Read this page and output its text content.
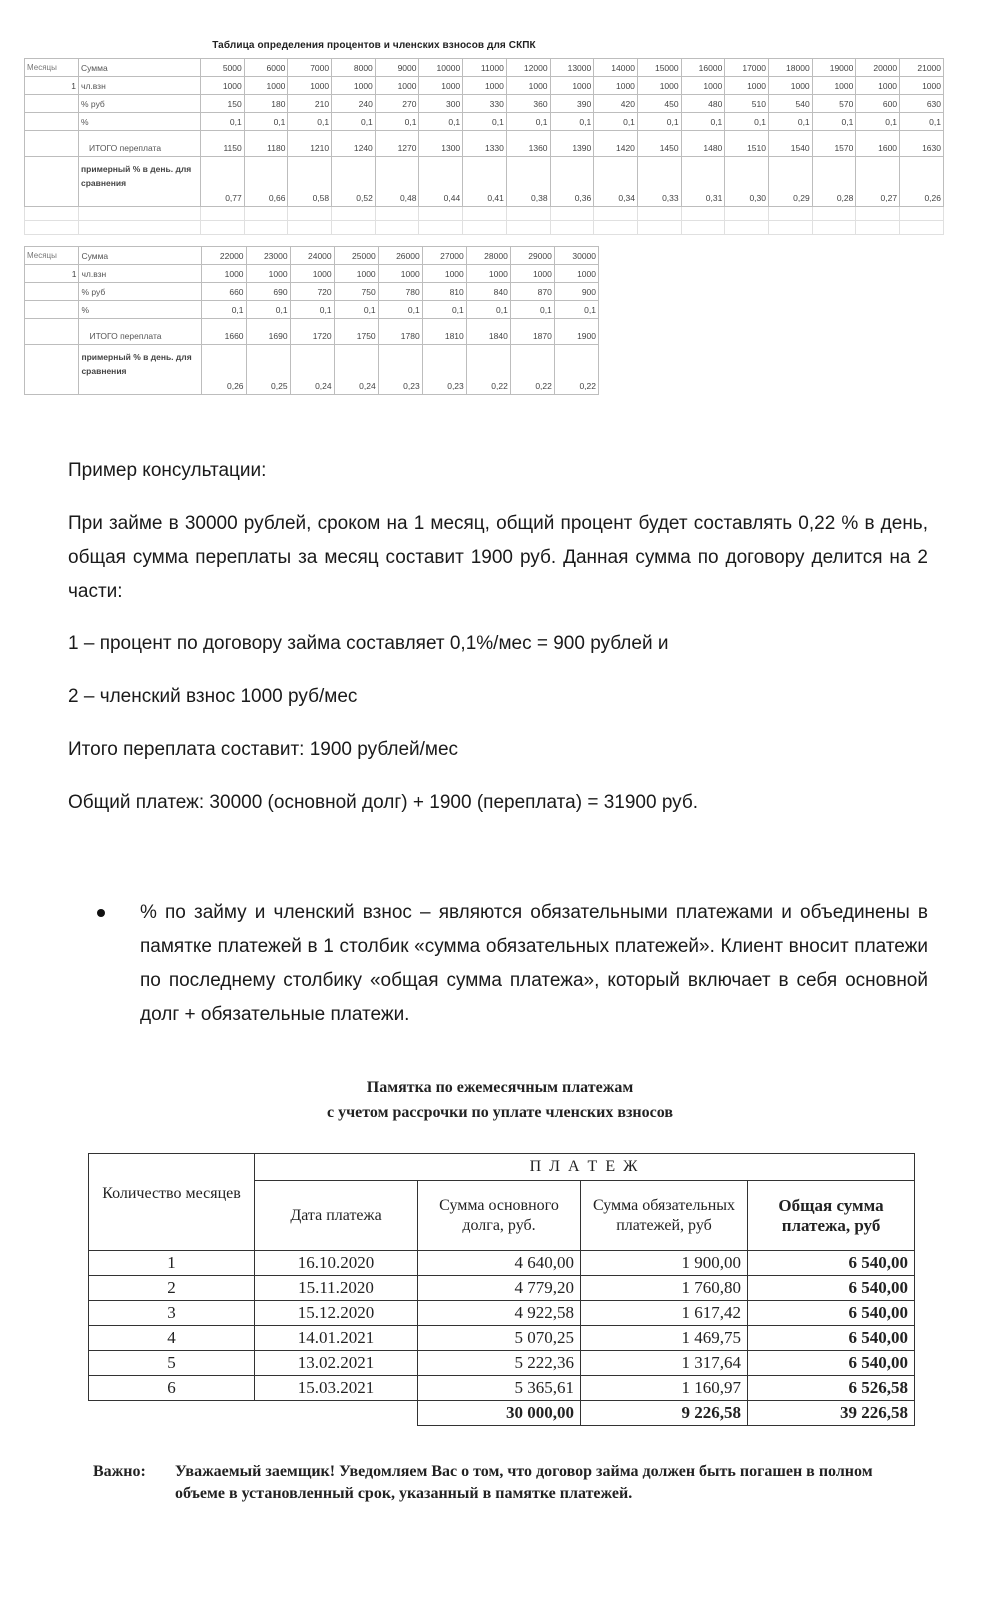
Таблица определения процентов и членских взносов для СКПК
Месяцы	Сумма	5000	6000	7000	8000	9000	10000	11000	12000	13000	14000	15000	16000	17000	18000	19000	20000	21000
1	чл.взн	1000	1000	1000	1000	1000	1000	1000	1000	1000	1000	1000	1000	1000	1000	1000	1000	1000
	% руб	150	180	210	240	270	300	330	360	390	420	450	480	510	540	570	600	630
	%	0,1	0,1	0,1	0,1	0,1	0,1	0,1	0,1	0,1	0,1	0,1	0,1	0,1	0,1	0,1	0,1	0,1
	ИТОГО переплата	1150	1180	1210	1240	1270	1300	1330	1360	1390	1420	1450	1480	1510	1540	1570	1600	1630
	примерный % в день. для сравнения	0,77	0,66	0,58	0,52	0,48	0,44	0,41	0,38	0,36	0,34	0,33	0,31	0,30	0,29	0,28	0,27	0,26

Месяцы	Сумма	22000	23000	24000	25000	26000	27000	28000	29000	30000
1	чл.взн	1000	1000	1000	1000	1000	1000	1000	1000	1000
	% руб	660	690	720	750	780	810	840	870	900
	%	0,1	0,1	0,1	0,1	0,1	0,1	0,1	0,1	0,1
	ИТОГО переплата	1660	1690	1720	1750	1780	1810	1840	1870	1900
	примерный % в день. для сравнения	0,26	0,25	0,24	0,24	0,23	0,23	0,22	0,22	0,22
Пример консультации:
При займе в 30000 рублей, сроком на 1 месяц, общий процент будет составлять 0,22 % в день, общая сумма переплаты за месяц составит 1900 руб. Данная сумма по договору делится на 2 части:
1 – процент по договору займа составляет 0,1%/мес = 900 рублей и
2 – членский взнос 1000 руб/мес
Итого переплата составит: 1900 рублей/мес
Общий платеж: 30000 (основной долг) + 1900 (переплата) = 31900 руб.
% по займу и членский взнос – являются обязательными платежами и объединены в памятке платежей в 1 столбик «сумма обязательных платежей». Клиент вносит платежи по последнему столбику «общая сумма платежа», который включает в себя основной долг + обязательные платежи.
Памятка по ежемесячным платежам
с учетом рассрочки по уплате членских взносов
Количество месяцев	П Л А Т Е Ж			
	Дата платежа	Сумма основного долга, руб.	Сумма обязательных платежей, руб	Общая сумма платежа, руб
1	16.10.2020	4 640,00	1 900,00	6 540,00
2	15.11.2020	4 779,20	1 760,80	6 540,00
3	15.12.2020	4 922,58	1 617,42	6 540,00
4	14.01.2021	5 070,25	1 469,75	6 540,00
5	13.02.2021	5 222,36	1 317,64	6 540,00
6	15.03.2021	5 365,61	1 160,97	6 526,58
		30 000,00	9 226,58	39 226,58
Важно: Уважаемый заемщик! Уведомляем Вас о том, что договор займа должен быть погашен в полном объеме в установленный срок, указанный в памятке платежей.
